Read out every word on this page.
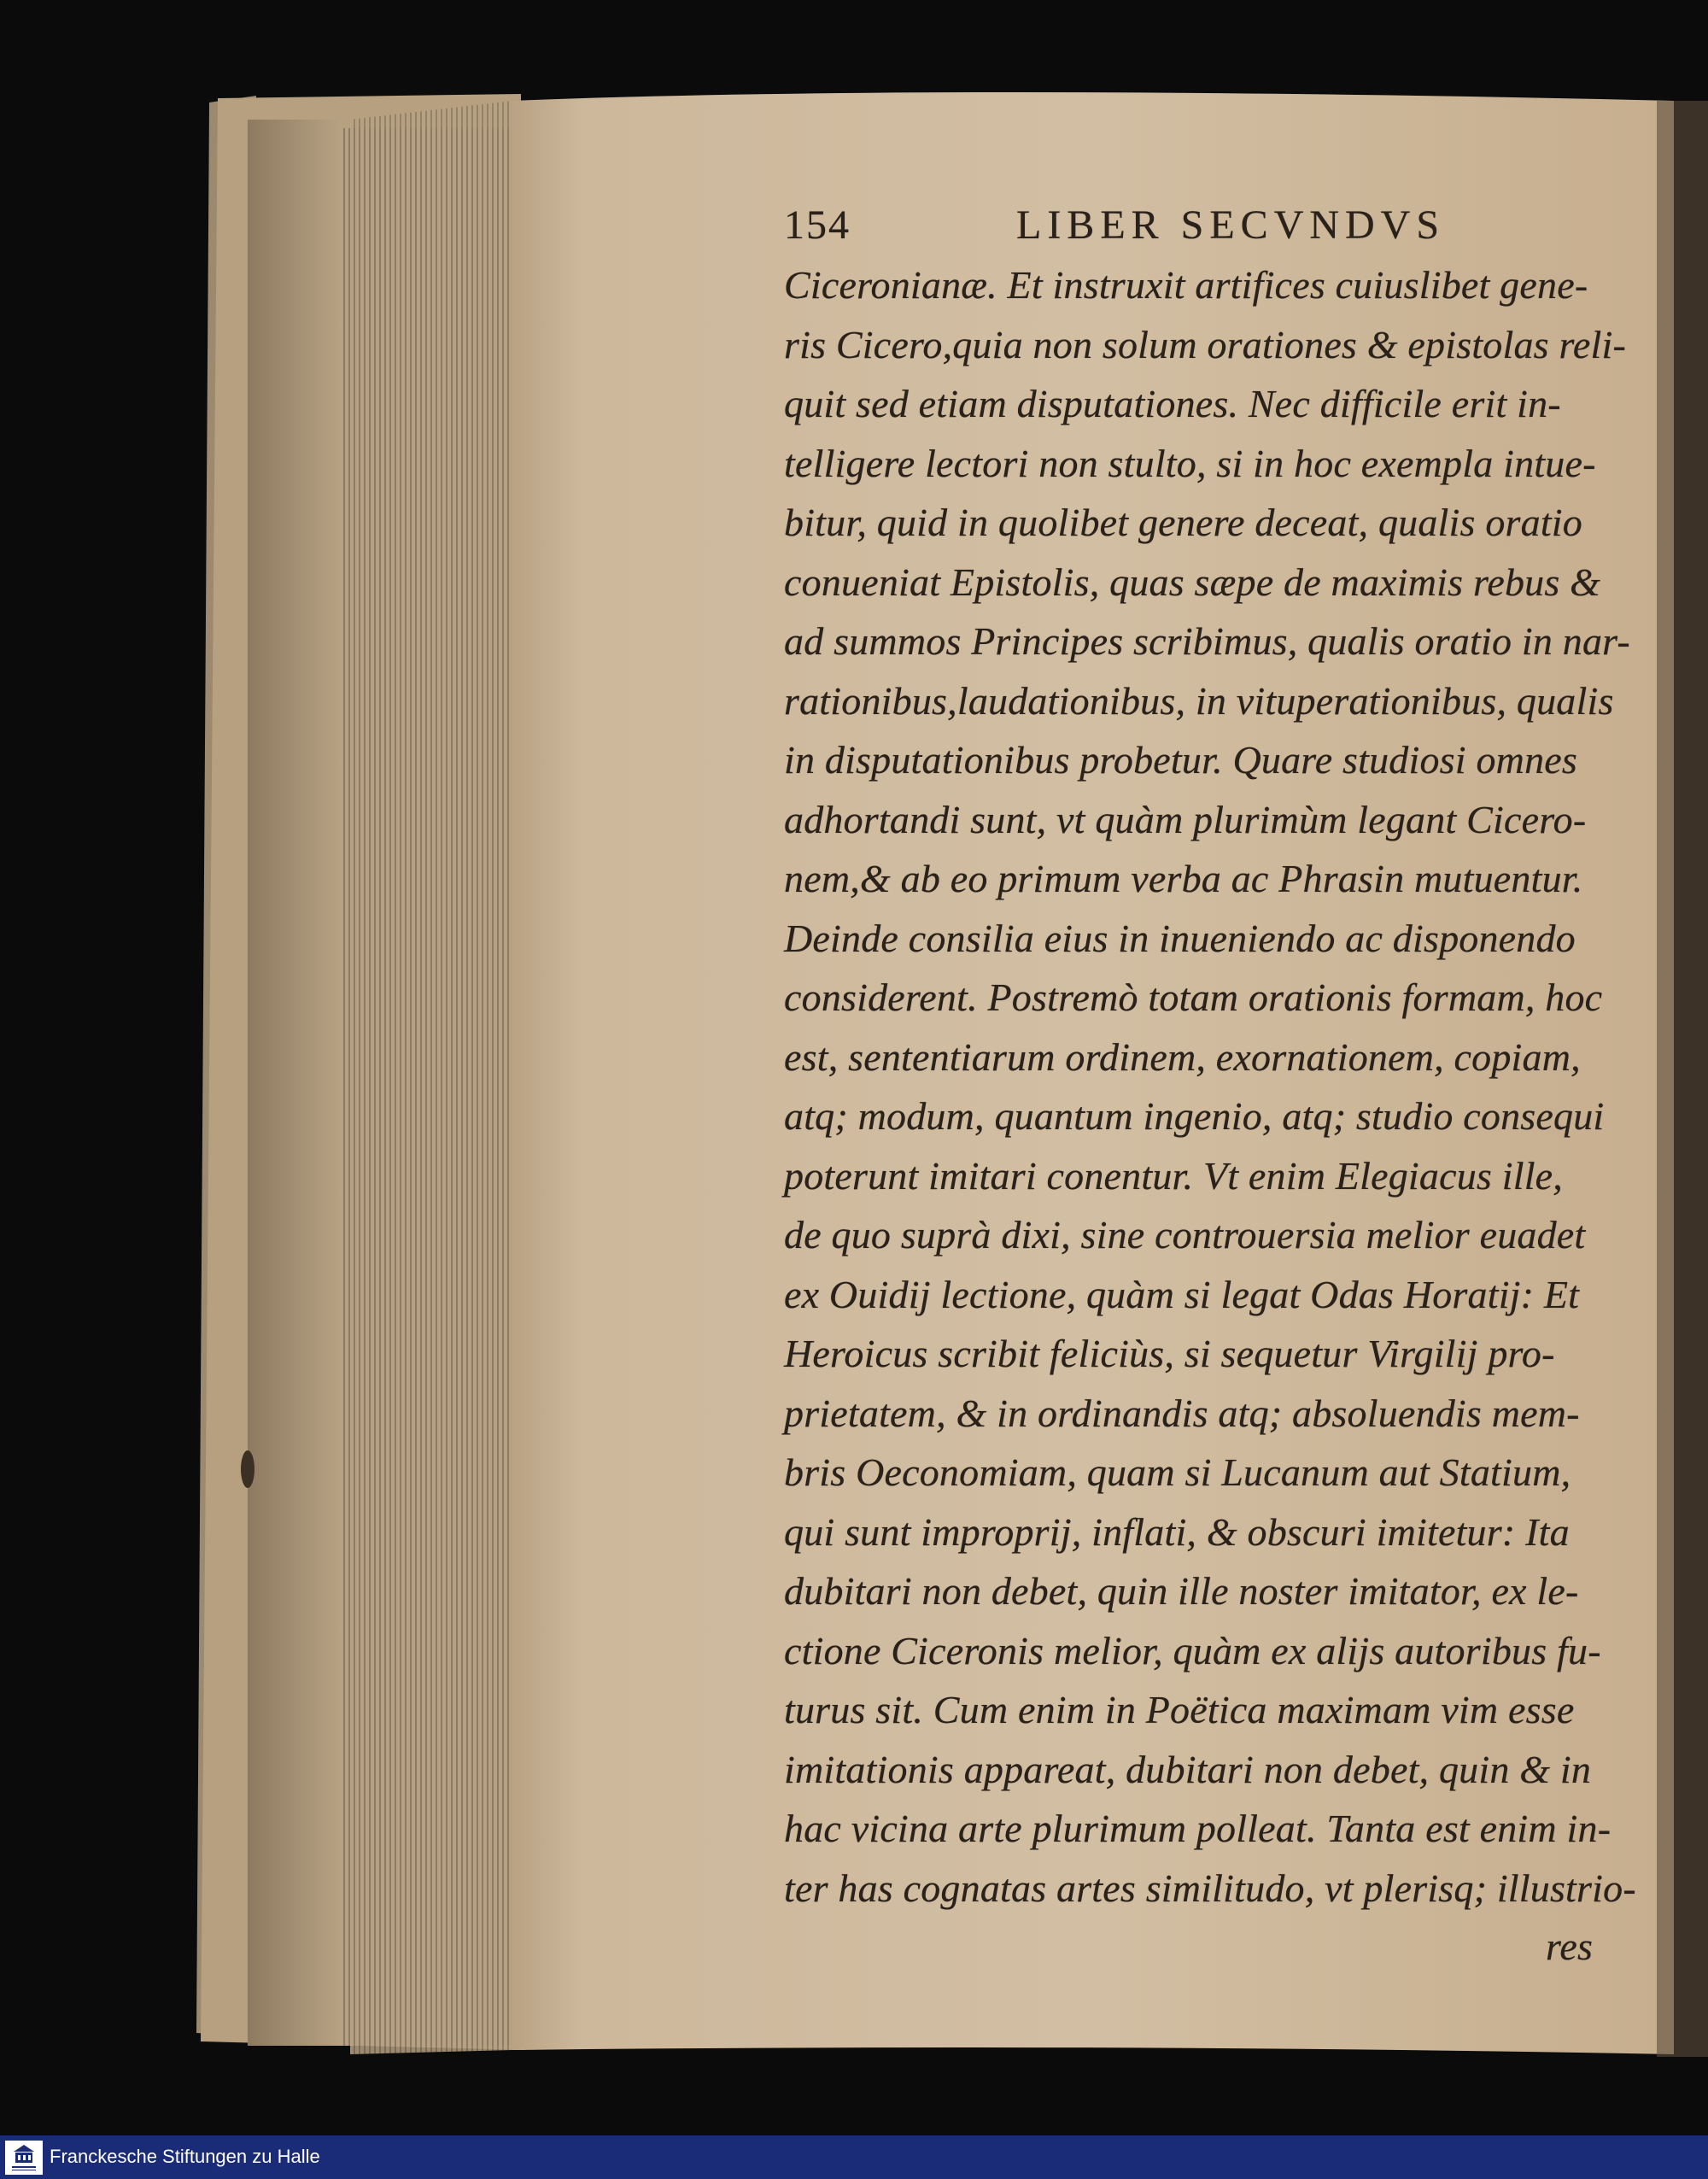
154	LIBER SECVNDVS
Ciceronianæ. Et instruxit artifices cuiuslibet gene-
ris Cicero,quia non solum orationes & epistolas reli-
quit sed etiam disputationes. Nec difficile erit in-
telligere lectori non stulto, si in hoc exempla intue-
bitur, quid in quolibet genere deceat, qualis oratio
conueniat Epistolis, quas sæpe de maximis rebus &
ad summos Principes scribimus, qualis oratio in nar-
rationibus,laudationibus, in vituperationibus, qualis
in disputationibus probetur. Quare studiosi omnes
adhortandi sunt, vt quàm plurimùm legant Cicero-
nem,& ab eo primum verba ac Phrasin mutuentur.
Deinde consilia eius in inueniendo ac disponendo
considerent. Postremò totam orationis formam, hoc
est, sententiarum ordinem, exornationem, copiam,
atq; modum, quantum ingenio, atq; studio consequi
poterunt imitari conentur. Vt enim Elegiacus ille,
de quo suprà dixi, sine controuersia melior euadet
ex Ouidij lectione, quàm si legat Odas Horatij: Et
Heroicus scribit feliciùs, si sequetur Virgilij pro-
prietatem, & in ordinandis atq; absoluendis mem-
bris Oeconomiam, quam si Lucanum aut Statium,
qui sunt improprij, inflati, & obscuri imitetur: Ita
dubitari non debet, quin ille noster imitator, ex le-
ctione Ciceronis melior, quàm ex alijs autoribus fu-
turus sit. Cum enim in Poëtica maximam vim esse
imitationis appareat, dubitari non debet, quin & in
hac vicina arte plurimum polleat. Tanta est enim in-
ter has cognatas artes similitudo, vt plerisq; illustrio-
res
Franckesche Stiftungen zu Halle
